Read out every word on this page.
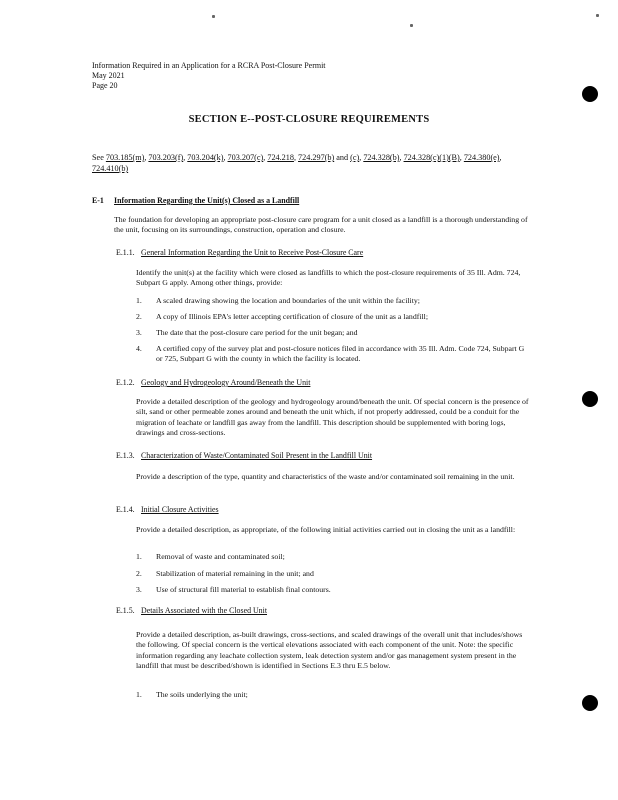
Information Required in an Application for a RCRA Post-Closure Permit
May 2021
Page 20
SECTION E--POST-CLOSURE REQUIREMENTS
See 703.185(m), 703.203(f), 703.204(k), 703.207(c), 724.218, 724.297(b) and (c), 724.328(b), 724.328(c)(1)(B), 724.380(e), 724.410(b)
E-1 Information Regarding the Unit(s) Closed as a Landfill
The foundation for developing an appropriate post-closure care program for a unit closed as a landfill is a thorough understanding of the unit, focusing on its surroundings, construction, operation and closure.
E.1.1. General Information Regarding the Unit to Receive Post-Closure Care
Identify the unit(s) at the facility which were closed as landfills to which the post-closure requirements of 35 Ill. Adm. 724, Subpart G apply. Among other things, provide:
1. A scaled drawing showing the location and boundaries of the unit within the facility;
2. A copy of Illinois EPA's letter accepting certification of closure of the unit as a landfill;
3. The date that the post-closure care period for the unit began; and
4. A certified copy of the survey plat and post-closure notices filed in accordance with 35 Ill. Adm. Code 724, Subpart G or 725, Subpart G with the county in which the facility is located.
E.1.2. Geology and Hydrogeology Around/Beneath the Unit
Provide a detailed description of the geology and hydrogeology around/beneath the unit. Of special concern is the presence of silt, sand or other permeable zones around and beneath the unit which, if not properly addressed, could be a conduit for the migration of leachate or landfill gas away from the landfill. This description should be supplemented with boring logs, drawings and cross-sections.
E.1.3. Characterization of Waste/Contaminated Soil Present in the Landfill Unit
Provide a description of the type, quantity and characteristics of the waste and/or contaminated soil remaining in the unit.
E.1.4. Initial Closure Activities
Provide a detailed description, as appropriate, of the following initial activities carried out in closing the unit as a landfill:
1. Removal of waste and contaminated soil;
2. Stabilization of material remaining in the unit; and
3. Use of structural fill material to establish final contours.
E.1.5. Details Associated with the Closed Unit
Provide a detailed description, as-built drawings, cross-sections, and scaled drawings of the overall unit that includes/shows the following. Of special concern is the vertical elevations associated with each component of the unit. Note: the specific information regarding any leachate collection system, leak detection system and/or gas management system present in the landfill that must be described/shown is identified in Sections E.3 thru E.5 below.
1. The soils underlying the unit;
